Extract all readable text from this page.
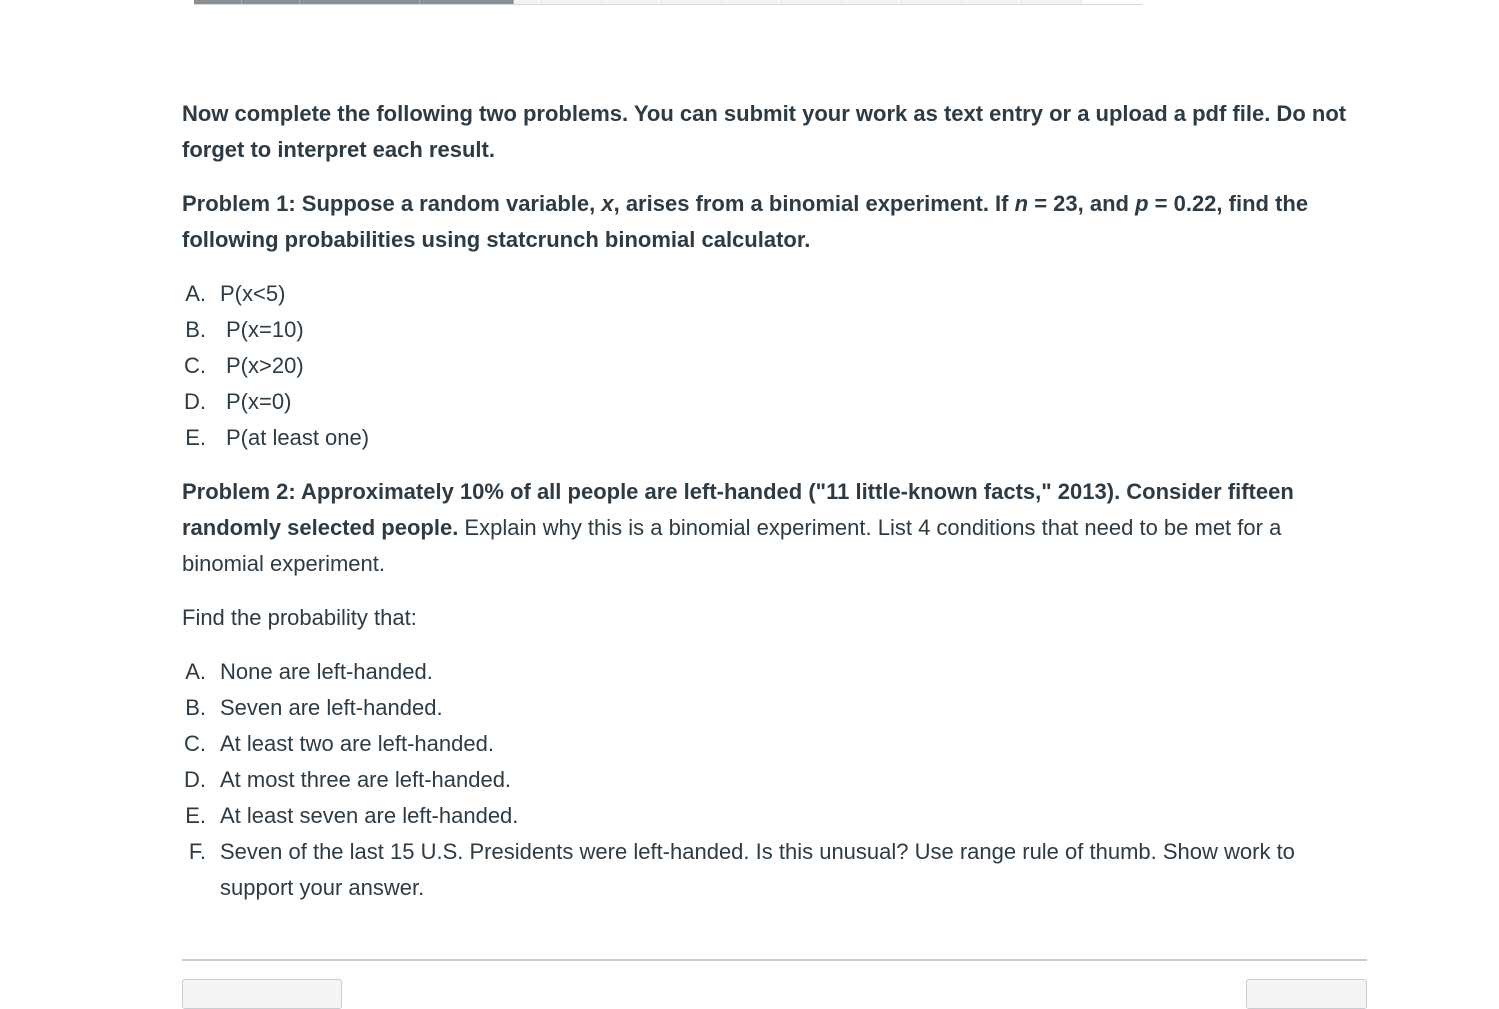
Now complete the following two problems. You can submit your work as text entry or a upload a pdf file. Do not forget to interpret each result.

Problem 1: Suppose a random variable, x, arises from a binomial experiment. If n = 23, and p = 0.22, find the following probabilities using statcrunch binomial calculator.

A. P(x<5)
B. P(x=10)
C. P(x>20)
D. P(x=0)
E. P(at least one)

Problem 2: Approximately 10% of all people are left-handed ("11 little-known facts," 2013). Consider fifteen randomly selected people. Explain why this is a binomial experiment. List 4 conditions that need to be met for a binomial experiment.

Find the probability that:

A. None are left-handed.
B. Seven are left-handed.
C. At least two are left-handed.
D. At most three are left-handed.
E. At least seven are left-handed.
F. Seven of the last 15 U.S. Presidents were left-handed. Is this unusual? Use range rule of thumb. Show work to support your answer.
